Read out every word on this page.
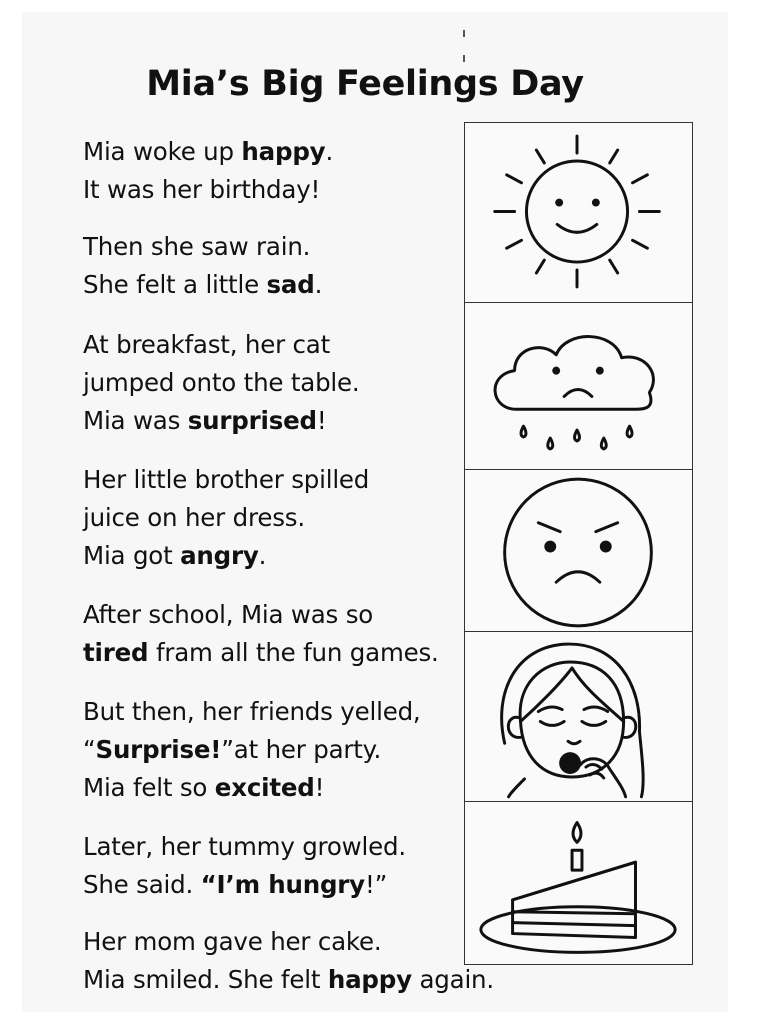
Mia’s Big Feelings Day

Mia woke up happy.
It was her birthday!

Then she saw rain.
She felt a little sad.

At breakfast, her cat
jumped onto the table.
Mia was surprised!

Her little brother spilled
juice on her dress.
Mia got angry.

After school, Mia was so
tired fram all the fun games.

But then, her friends yelled,
“Surprise!”at her party.
Mia felt so excited!

Later, her tummy growled.
She said. “I’m hungry!”

Her mom gave her cake.
Mia smiled. She felt happy again.
